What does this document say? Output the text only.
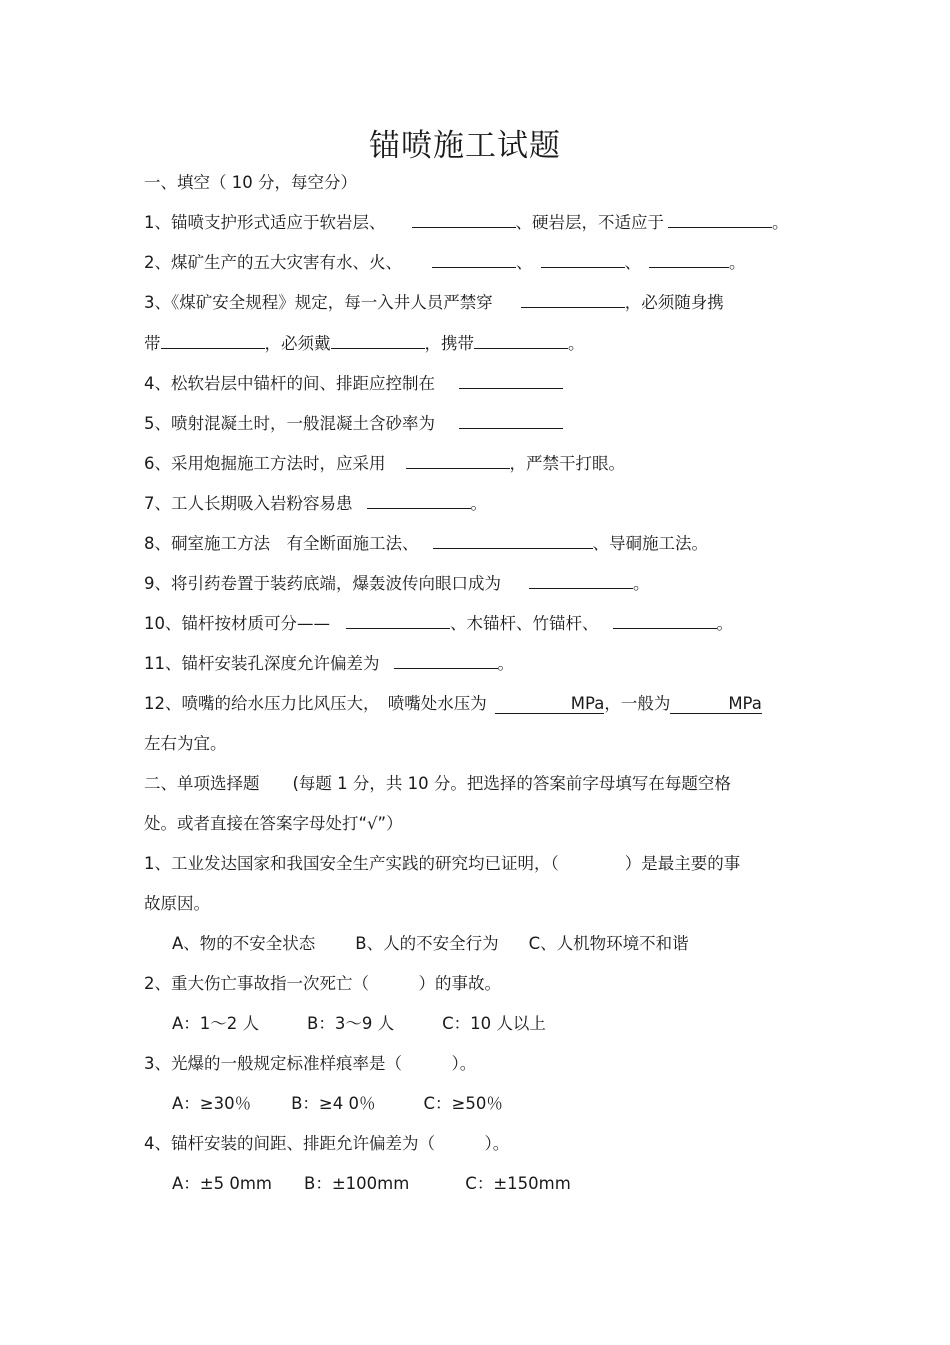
锚喷施工试题
一、填空（ 10 分，每空分）
1、锚喷支护形式适应于软岩层、	、硬岩层，不适应于	。
2、煤矿生产的五大灾害有水、火、	、	、	。
3、《煤矿安全规程》规定，每一入井人员严禁穿	，必须随身携
带	，必须戴	，携带	。
4、松软岩层中锚杆的间、排距应控制在
5、喷射混凝土时，一般混凝土含砂率为
6、采用炮掘施工方法时，应采用	，严禁干打眼。
7、工人长期吸入岩粉容易患	。
8、硐室施工方法　有全断面施工法、	、导硐施工法。
9、将引药卷置于装药底端，爆轰波传向眼口成为	。
10、锚杆按材质可分——	、木锚杆、竹锚杆、	。
11、锚杆安装孔深度允许偏差为	。
12、喷嘴的给水压力比风压大，　喷嘴处水压为	MPa，一般为	MPa
左右为宜。
二、单项选择题　　(每题 1 分，共 10 分。把选择的答案前字母填写在每题空格
处。或者直接在答案字母处打“√”）
1、工业发达国家和我国安全生产实践的研究均已证明，（　　　　）是最主要的事
故原因。
A、物的不安全状态 B、人的不安全行为 C、人机物环境不和谐
2、重大伤亡事故指一次死亡（　　　）的事故。
A：1～2 人	B：3～9 人	C：10 人以上
3、光爆的一般规定标准样痕率是（　　　）。
A：≥30％ B：≥4 0％	C：≥50％
4、锚杆安装的间距、排距允许偏差为（　　　）。
A：±5 0mm B：±100mm	C：±150mm
